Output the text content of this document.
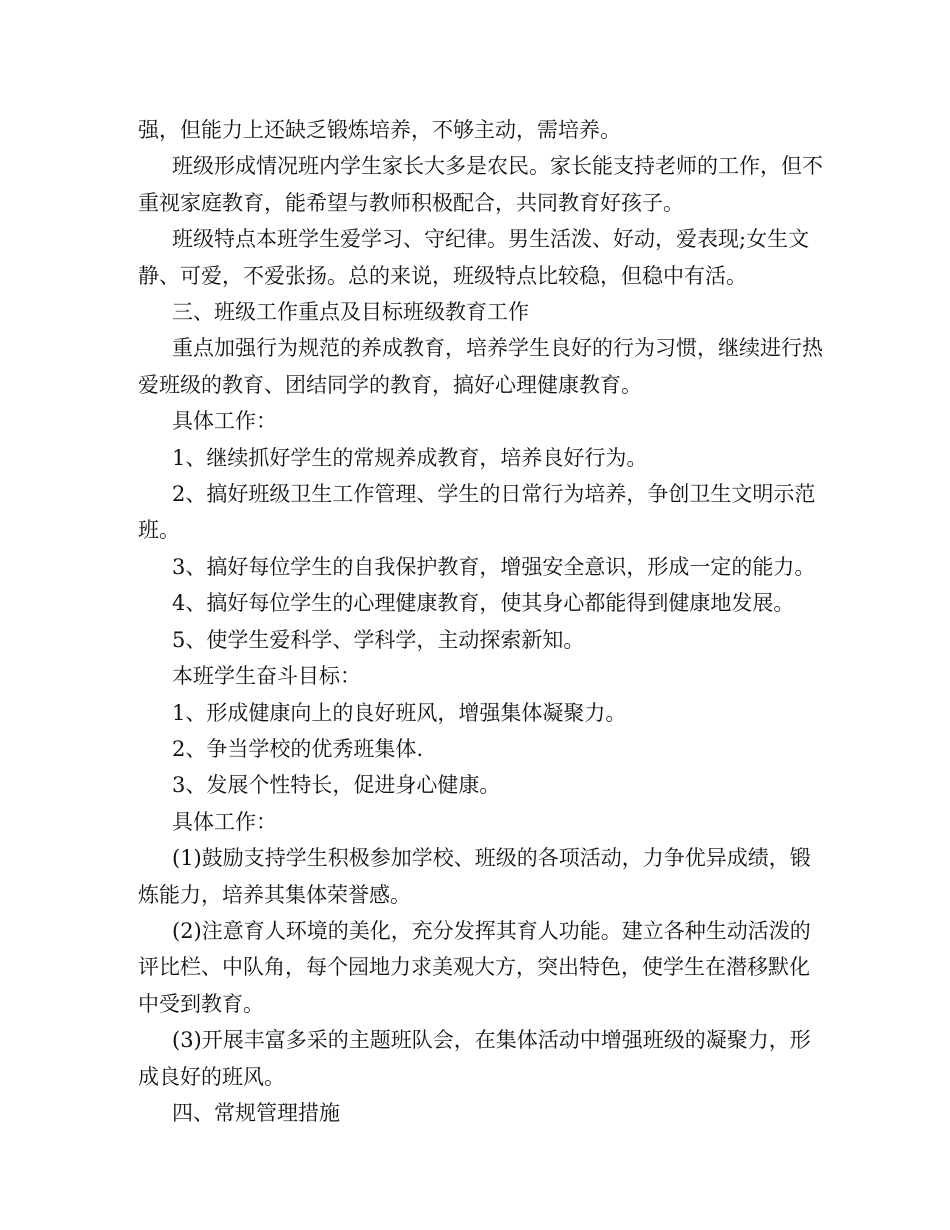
强，但能力上还缺乏锻炼培养，不够主动，需培养。

班级形成情况班内学生家长大多是农民。家长能支持老师的工作，但不重视家庭教育，能希望与教师积极配合，共同教育好孩子。

班级特点本班学生爱学习、守纪律。男生活泼、好动，爱表现;女生文静、可爱，不爱张扬。总的来说，班级特点比较稳，但稳中有活。

三、班级工作重点及目标班级教育工作

重点加强行为规范的养成教育，培养学生良好的行为习惯，继续进行热爱班级的教育、团结同学的教育，搞好心理健康教育。

具体工作：

1、继续抓好学生的常规养成教育，培养良好行为。

2、搞好班级卫生工作管理、学生的日常行为培养，争创卫生文明示范班。

3、搞好每位学生的自我保护教育，增强安全意识，形成一定的能力。

4、搞好每位学生的心理健康教育，使其身心都能得到健康地发展。

5、使学生爱科学、学科学，主动探索新知。

本班学生奋斗目标：

1、形成健康向上的良好班风，增强集体凝聚力。

2、争当学校的优秀班集体.

3、发展个性特长，促进身心健康。

具体工作：

(1)鼓励支持学生积极参加学校、班级的各项活动，力争优异成绩，锻炼能力，培养其集体荣誉感。

(2)注意育人环境的美化，充分发挥其育人功能。建立各种生动活泼的评比栏、中队角，每个园地力求美观大方，突出特色，使学生在潜移默化中受到教育。

(3)开展丰富多采的主题班队会，在集体活动中增强班级的凝聚力，形成良好的班风。

四、常规管理措施
